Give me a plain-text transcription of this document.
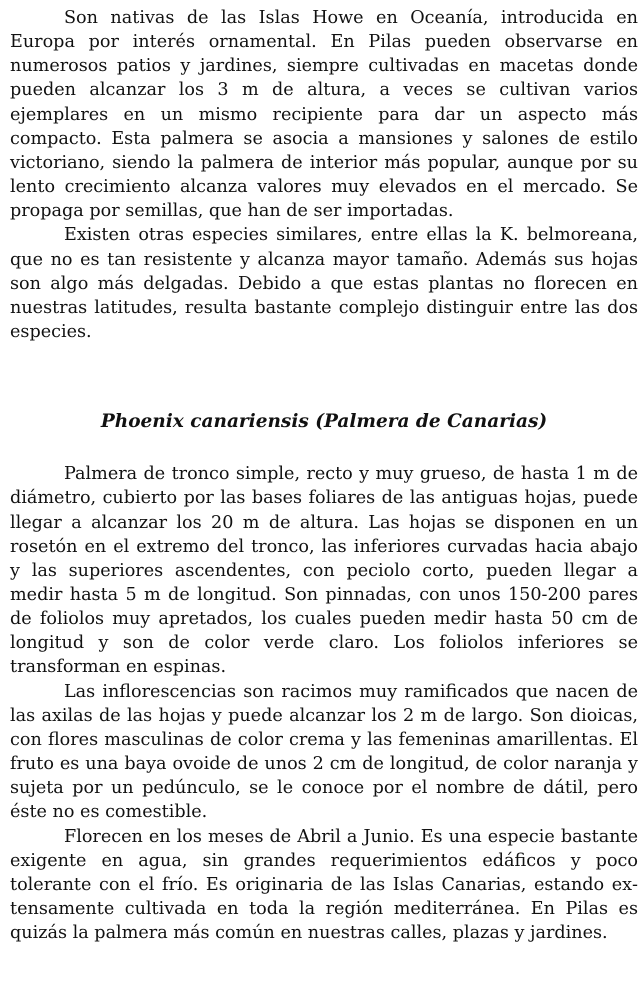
Son nativas de las Islas Howe en Oceanía, introducida en Europa por interés ornamental. En Pilas pueden observarse en numerosos patios y jardines, siempre cultivadas en macetas donde pueden alcanzar los 3 m de altura, a veces se cultivan varios ejemplares en un mismo recipiente para dar un aspecto más compacto. Esta palmera se asocia a mansiones y salones de estilo victoriano, siendo la palmera de interior más popular, aunque por su lento crecimiento alcanza valores muy elevados en el mercado. Se propaga por semillas, que han de ser importadas.

Existen otras especies similares, entre ellas la K. belmoreana, que no es tan resistente y alcanza mayor tamaño. Además sus hojas son algo más delgadas. Debido a que estas plantas no florecen en nuestras latitudes, resulta bastante complejo distinguir entre las dos especies.

Phoenix canariensis (Palmera de Canarias)

Palmera de tronco simple, recto y muy grueso, de hasta 1 m de diámetro, cubierto por las bases foliares de las antiguas hojas, puede llegar a alcanzar los 20 m de altura. Las hojas se disponen en un rosetón en el extremo del tronco, las inferiores curvadas hacia abajo y las superiores ascendentes, con peciolo corto, pueden llegar a medir hasta 5 m de longitud. Son pinnadas, con unos 150-200 pares de foliolos muy apretados, los cuales pueden medir hasta 50 cm de longitud y son de color verde claro. Los foliolos inferiores se transforman en espinas.

Las inflorescencias son racimos muy ramificados que nacen de las axilas de las hojas y puede alcanzar los 2 m de largo. Son dioicas, con flores masculinas de color crema y las femeninas amarillentas. El fruto es una baya ovoide de unos 2 cm de longitud, de color naranja y sujeta por un pedúnculo, se le conoce por el nombre de dátil, pero éste no es comestible.

Florecen en los meses de Abril a Junio. Es una especie bastante exigente en agua, sin grandes requerimientos edáficos y poco tolerante con el frío. Es originaria de las Islas Canarias, estando extensamente cultivada en toda la región mediterránea. En Pilas es quizás la palmera más común en nuestras calles, plazas y jardines.
